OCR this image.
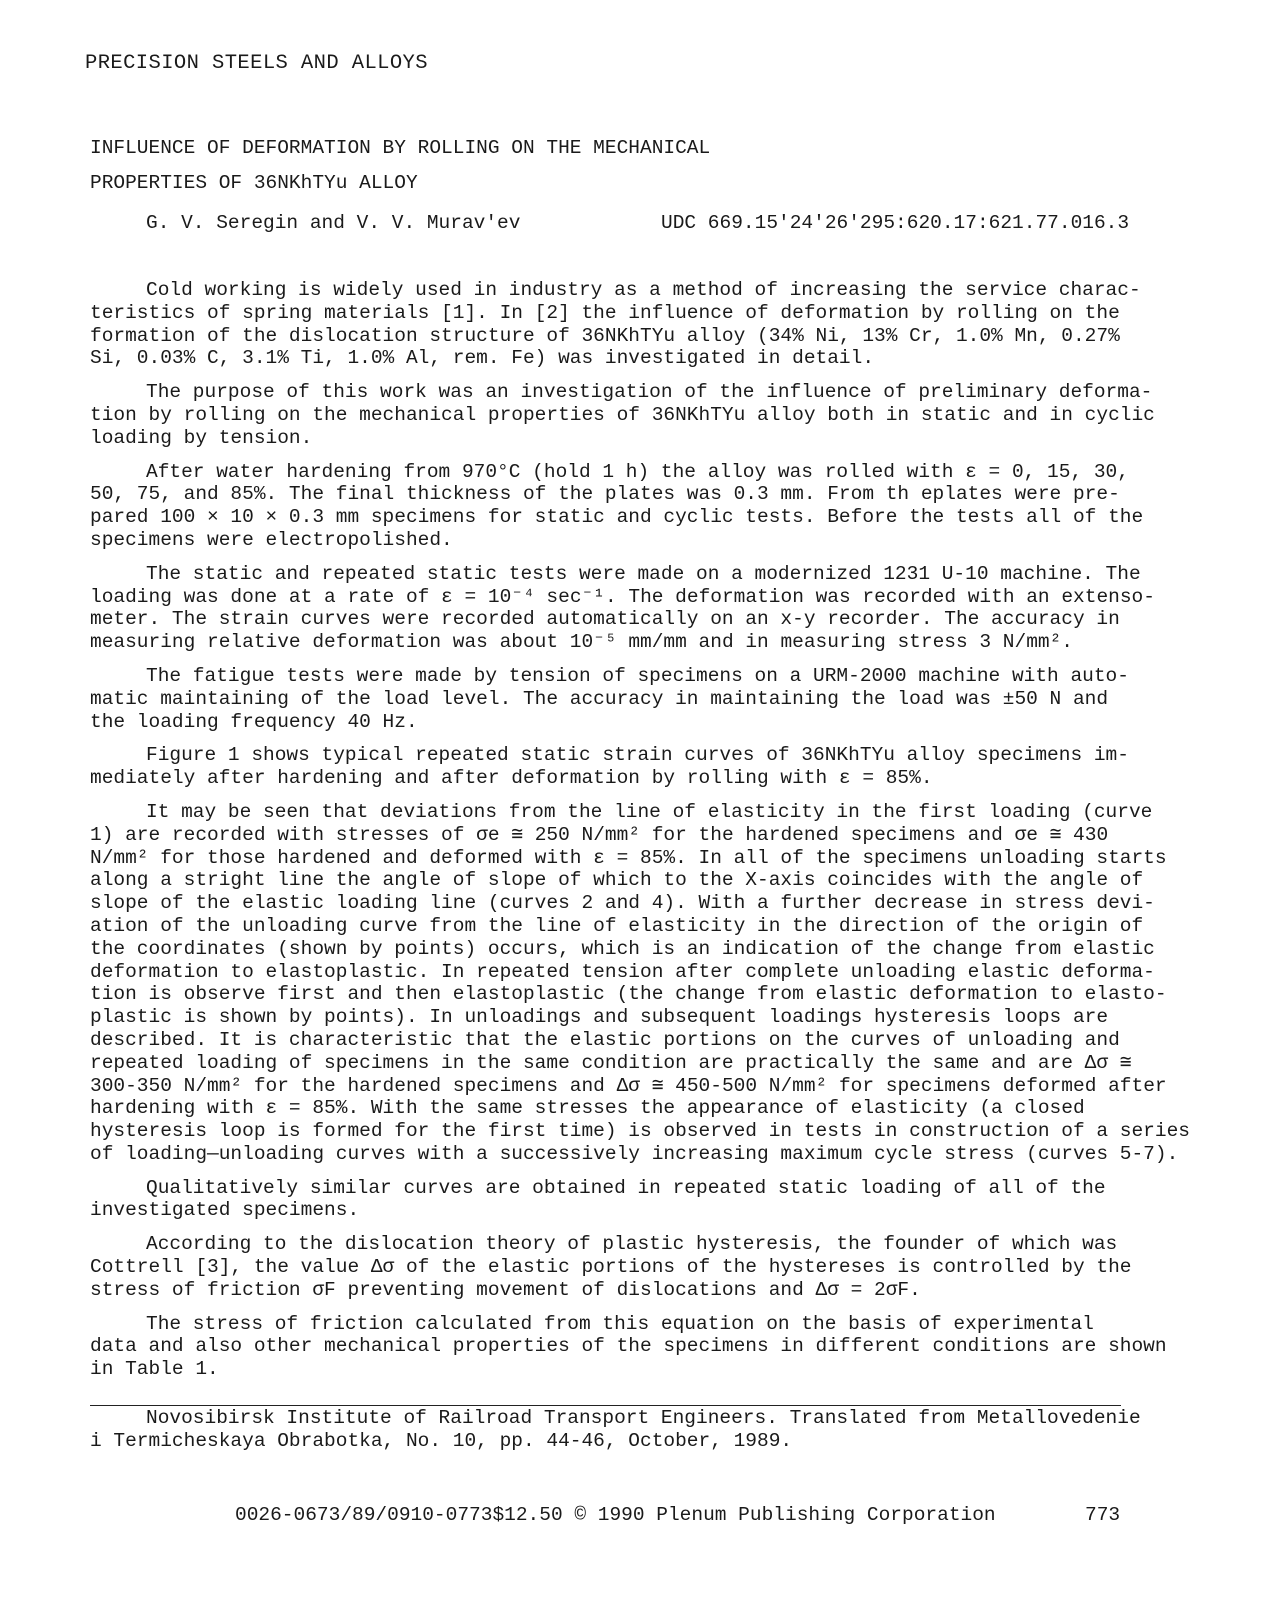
PRECISION STEELS AND ALLOYS
INFLUENCE OF DEFORMATION BY ROLLING ON THE MECHANICAL
PROPERTIES OF 36NKhTYu ALLOY
G. V. Seregin and V. V. Murav'ev	UDC 669.15'24'26'295:620.17:621.77.016.3
Cold working is widely used in industry as a method of increasing the service charac-
teristics of spring materials [1]. In [2] the influence of deformation by rolling on the
formation of the dislocation structure of 36NKhTYu alloy (34% Ni, 13% Cr, 1.0% Mn, 0.27%
Si, 0.03% C, 3.1% Ti, 1.0% Al, rem. Fe) was investigated in detail.
The purpose of this work was an investigation of the influence of preliminary deforma-
tion by rolling on the mechanical properties of 36NKhTYu alloy both in static and in cyclic
loading by tension.
After water hardening from 970°C (hold 1 h) the alloy was rolled with ε = 0, 15, 30,
50, 75, and 85%. The final thickness of the plates was 0.3 mm. From th eplates were pre-
pared 100 × 10 × 0.3 mm specimens for static and cyclic tests. Before the tests all of the
specimens were electropolished.
The static and repeated static tests were made on a modernized 1231 U-10 machine. The
loading was done at a rate of ε = 10⁻⁴ sec⁻¹. The deformation was recorded with an extenso-
meter. The strain curves were recorded automatically on an x-y recorder. The accuracy in
measuring relative deformation was about 10⁻⁵ mm/mm and in measuring stress 3 N/mm².
The fatigue tests were made by tension of specimens on a URM-2000 machine with auto-
matic maintaining of the load level. The accuracy in maintaining the load was ±50 N and
the loading frequency 40 Hz.
Figure 1 shows typical repeated static strain curves of 36NKhTYu alloy specimens im-
mediately after hardening and after deformation by rolling with ε = 85%.
It may be seen that deviations from the line of elasticity in the first loading (curve
1) are recorded with stresses of σe ≅ 250 N/mm² for the hardened specimens and σe ≅ 430
N/mm² for those hardened and deformed with ε = 85%. In all of the specimens unloading starts
along a stright line the angle of slope of which to the X-axis coincides with the angle of
slope of the elastic loading line (curves 2 and 4). With a further decrease in stress devi-
ation of the unloading curve from the line of elasticity in the direction of the origin of
the coordinates (shown by points) occurs, which is an indication of the change from elastic
deformation to elastoplastic. In repeated tension after complete unloading elastic deforma-
tion is observe first and then elastoplastic (the change from elastic deformation to elasto-
plastic is shown by points). In unloadings and subsequent loadings hysteresis loops are
described. It is characteristic that the elastic portions on the curves of unloading and
repeated loading of specimens in the same condition are practically the same and are Δσ ≅
300-350 N/mm² for the hardened specimens and Δσ ≅ 450-500 N/mm² for specimens deformed after
hardening with ε = 85%. With the same stresses the appearance of elasticity (a closed
hysteresis loop is formed for the first time) is observed in tests in construction of a series
of loading—unloading curves with a successively increasing maximum cycle stress (curves 5-7).
Qualitatively similar curves are obtained in repeated static loading of all of the
investigated specimens.
According to the dislocation theory of plastic hysteresis, the founder of which was
Cottrell [3], the value Δσ of the elastic portions of the hystereses is controlled by the
stress of friction σF preventing movement of dislocations and Δσ = 2σF.
The stress of friction calculated from this equation on the basis of experimental
data and also other mechanical properties of the specimens in different conditions are shown
in Table 1.
Novosibirsk Institute of Railroad Transport Engineers. Translated from Metallovedenie
i Termicheskaya Obrabotka, No. 10, pp. 44-46, October, 1989.
0026-0673/89/0910-0773$12.50 © 1990 Plenum Publishing Corporation	773
